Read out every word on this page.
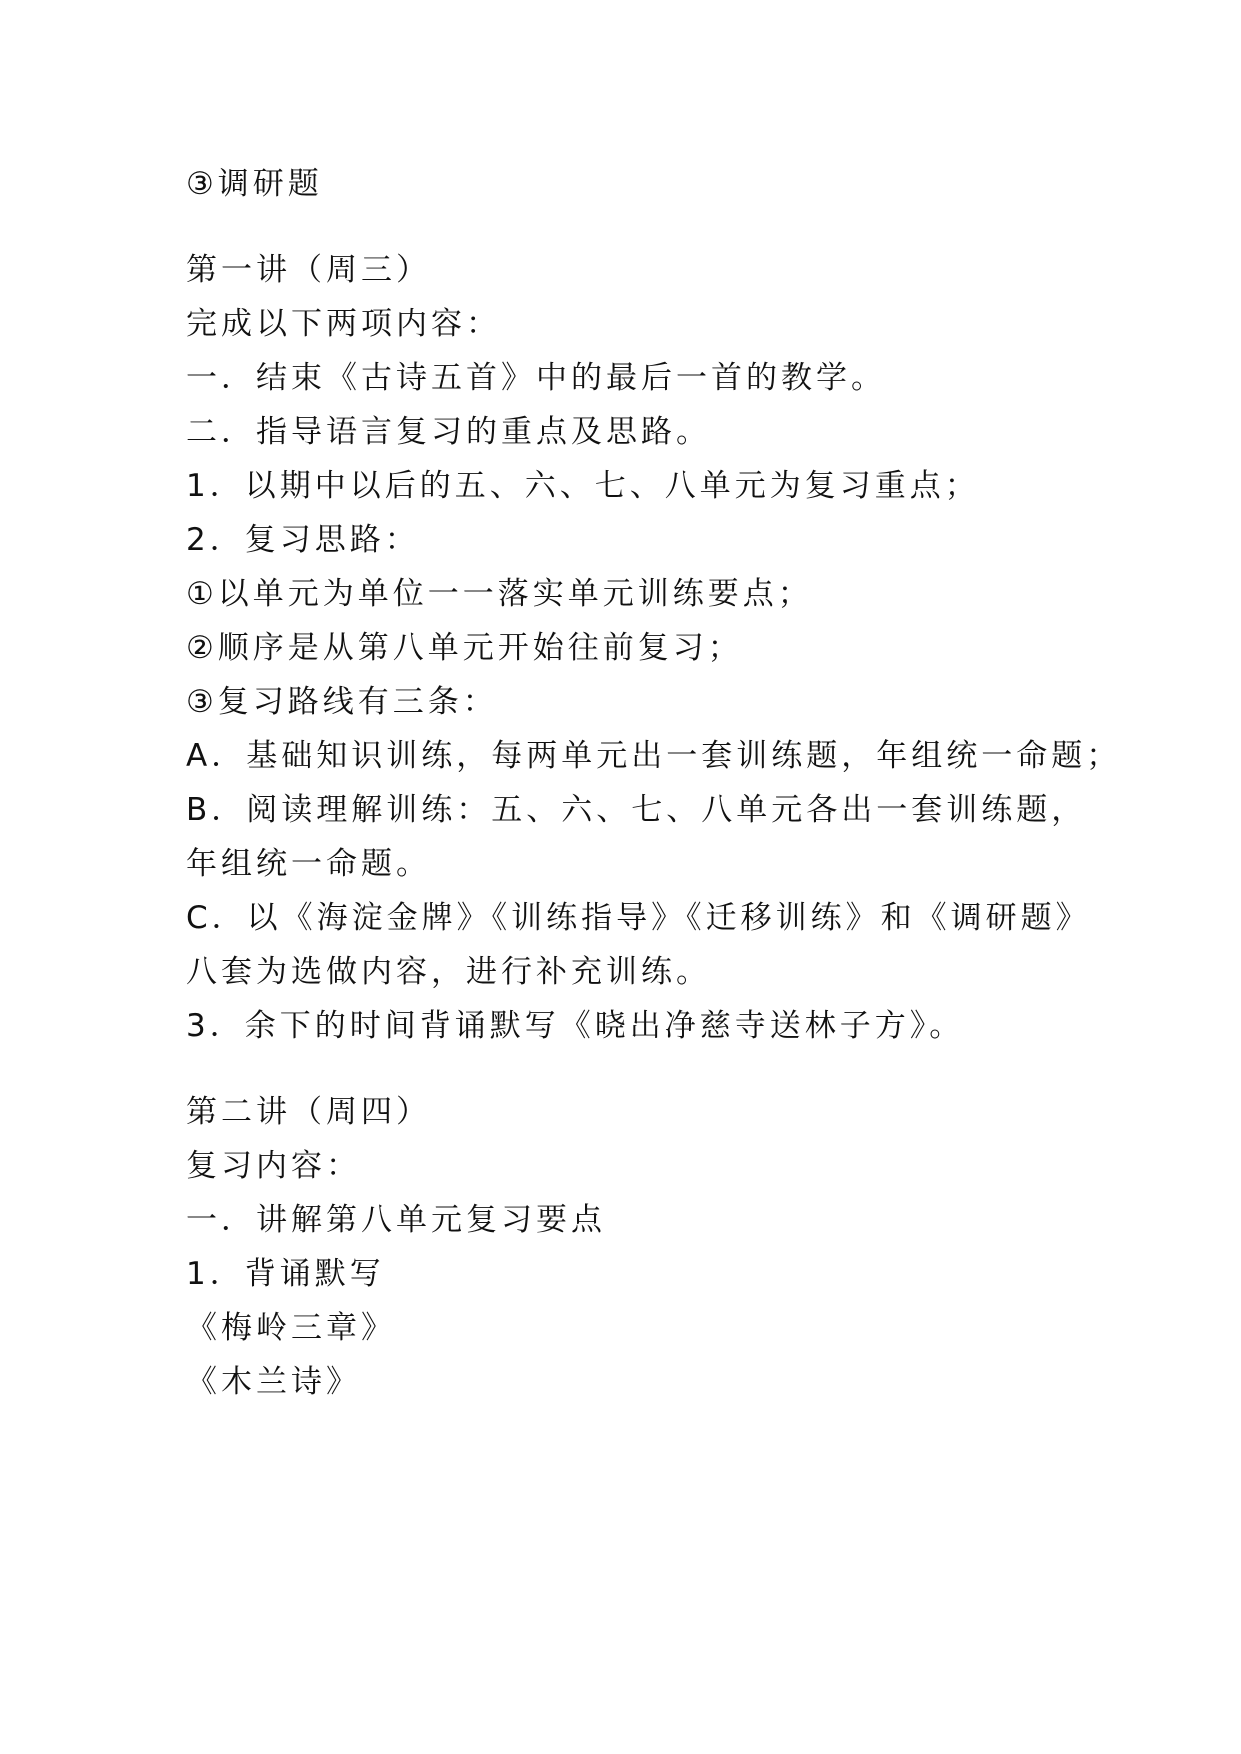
③调研题
第一讲（周三）
完成以下两项内容：
一．结束《古诗五首》中的最后一首的教学。
二．指导语言复习的重点及思路。
1．以期中以后的五、六、七、八单元为复习重点；
2．复习思路：
①以单元为单位一一落实单元训练要点；
②顺序是从第八单元开始往前复习；
③复习路线有三条：
A．基础知识训练，每两单元出一套训练题，年组统一命题；
B．阅读理解训练：五、六、七、八单元各出一套训练题，
年组统一命题。
C．以《海淀金牌》《训练指导》《迁移训练》和《调研题》
八套为选做内容，进行补充训练。
3．余下的时间背诵默写《晓出净慈寺送林子方》。
第二讲（周四）
复习内容：
一．讲解第八单元复习要点
1．背诵默写
《梅岭三章》
《木兰诗》
